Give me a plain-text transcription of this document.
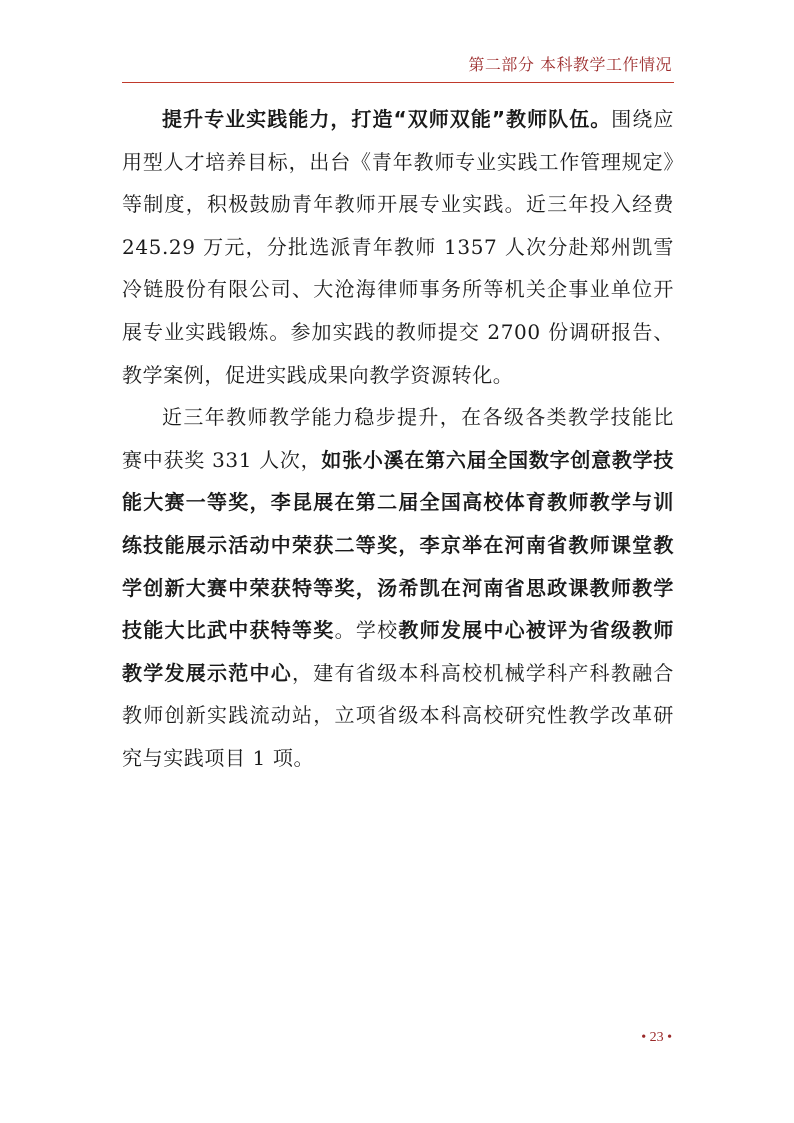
第二部分 本科教学工作情况

提升专业实践能力，打造“双师双能”教师队伍。围绕应用型人才培养目标，出台《青年教师专业实践工作管理规定》等制度，积极鼓励青年教师开展专业实践。近三年投入经费 245.29 万元，分批选派青年教师 1357 人次分赴郑州凯雪冷链股份有限公司、大沧海律师事务所等机关企事业单位开展专业实践锻炼。参加实践的教师提交 2700 份调研报告、教学案例，促进实践成果向教学资源转化。

近三年教师教学能力稳步提升，在各级各类教学技能比赛中获奖 331 人次，如张小溪在第六届全国数字创意教学技能大赛一等奖，李昆展在第二届全国高校体育教师教学与训练技能展示活动中荣获二等奖，李京举在河南省教师课堂教学创新大赛中荣获特等奖，汤希凯在河南省思政课教师教学技能大比武中获特等奖。学校教师发展中心被评为省级教师教学发展示范中心，建有省级本科高校机械学科产科教融合教师创新实践流动站，立项省级本科高校研究性教学改革研究与实践项目 1 项。

• 23 •
